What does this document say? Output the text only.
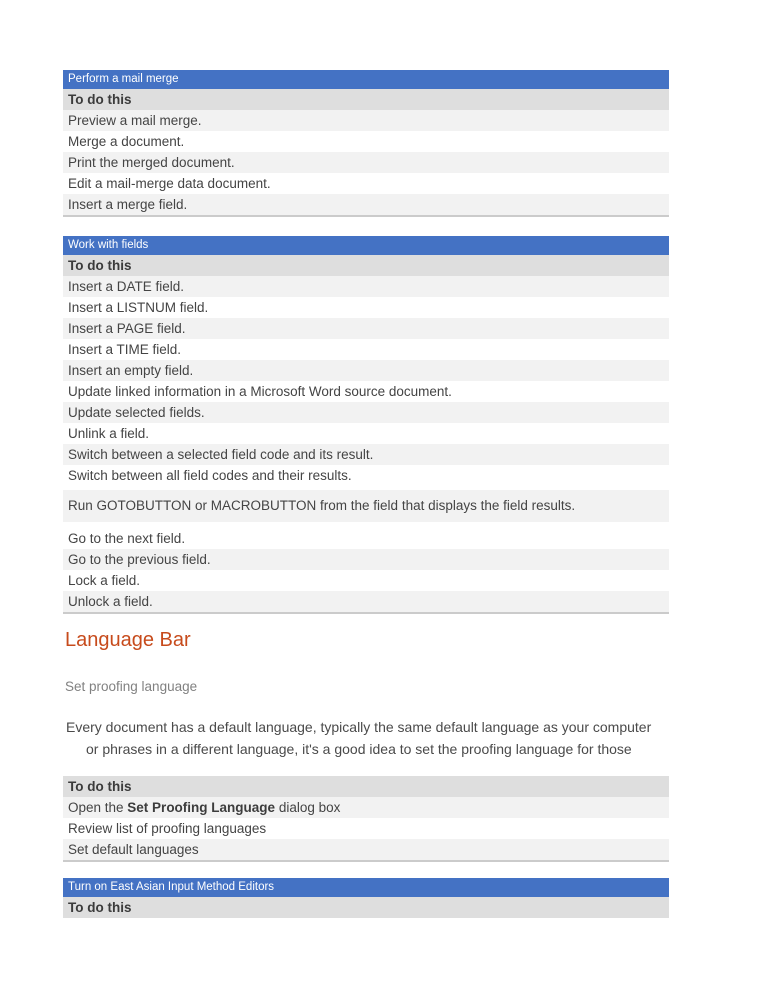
Perform a mail merge
To do this
Preview a mail merge.
Merge a document.
Print the merged document.
Edit a mail-merge data document.
Insert a merge field.
Work with fields
To do this
Insert a DATE field.
Insert a LISTNUM field.
Insert a PAGE field.
Insert a TIME field.
Insert an empty field.
Update linked information in a Microsoft Word source document.
Update selected fields.
Unlink a field.
Switch between a selected field code and its result.
Switch between all field codes and their results.
Run GOTOBUTTON or MACROBUTTON from the field that displays the field results.
Go to the next field.
Go to the previous field.
Lock a field.
Unlock a field.
Language Bar
Set proofing language
Every document has a default language, typically the same default language as your computer
or phrases in a different language, it's a good idea to set the proofing language for those
To do this
Open the Set Proofing Language dialog box
Review list of proofing languages
Set default languages
Turn on East Asian Input Method Editors
To do this
